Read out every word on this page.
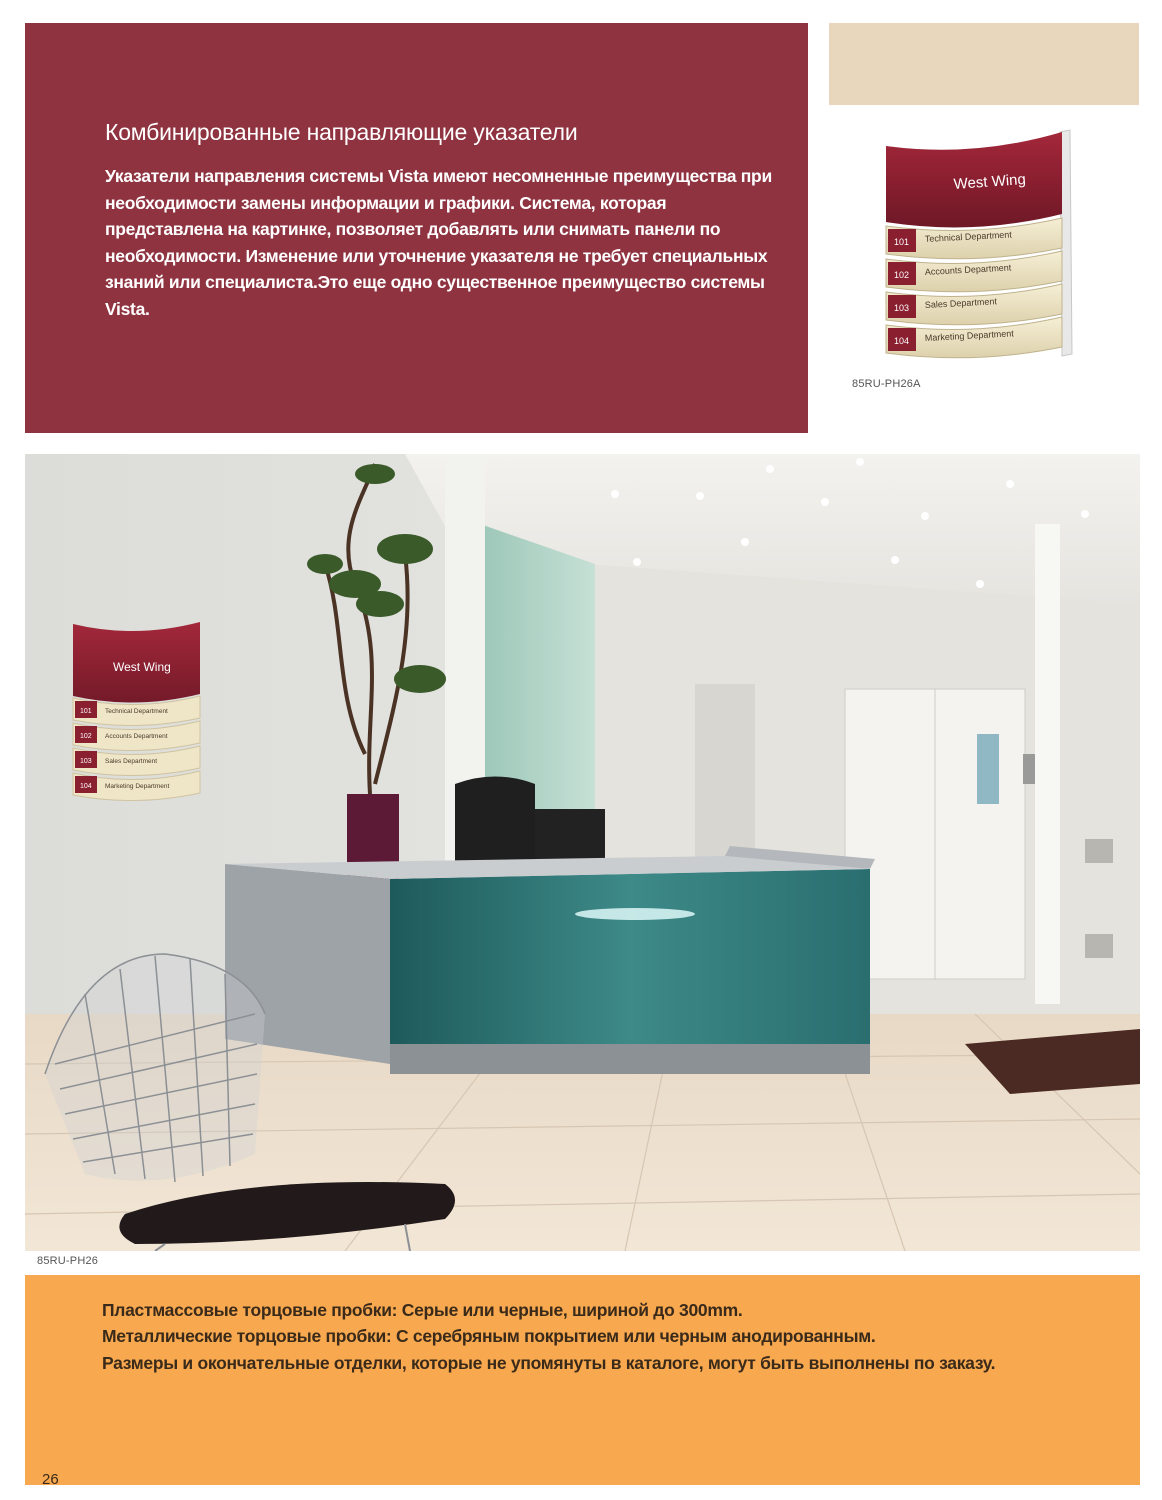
Комбинированные направляющие указатели

Указатели направления системы Vista имеют несомненные преимущества при необходимости замены информации и графики. Система, которая представлена на картинке, позволяет добавлять или снимать панели по необходимости. Изменение или уточнение указателя не требует специальных знаний или специалиста.Это еще одно существенное преимущество системы Vista.

West Wing
101 Technical Department
102 Accounts Department
103 Sales Department
104 Marketing Department
85RU-PH26A
West Wing
101 Technical Department
102 Accounts Department
103 Sales Department
104 Marketing Department
85RU-PH26

Пластмассовые торцовые пробки: Серые или черные, шириной до 300mm.
Металлические торцовые пробки: С серебряным покрытием или черным анодированным.
Размеры и окончательные отделки, которые не упомянуты в каталоге, могут быть выполнены по заказу.

26
